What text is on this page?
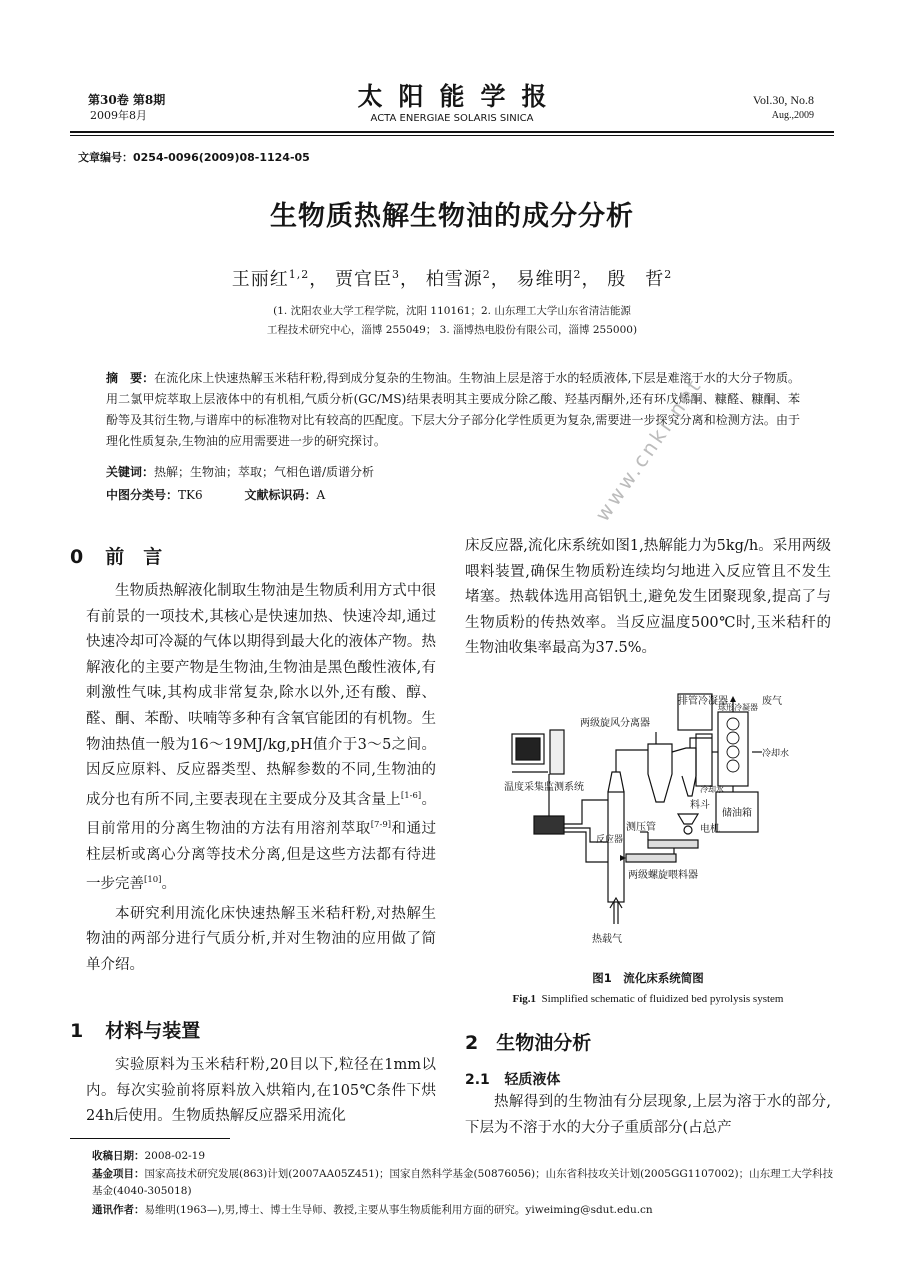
第30卷 第8期
2009年8月
太阳能学报
ACTA ENERGIAE SOLARIS SINICA
Vol.30, No.8
Aug.,2009
文章编号：0254-0096(2009)08-1124-05
生物质热解生物油的成分分析
王丽红$^{1,2}$， 贾官臣$^3$， 柏雪源$^2$， 易维明$^2$， 殷　哲$^2$
(1. 沈阳农业大学工程学院，沈阳 110161；2. 山东理工大学山东省清洁能源
工程技术研究中心，淄博 255049； 3. 淄博热电股份有限公司，淄博 255000)
摘　要：在流化床上快速热解玉米秸秆粉,得到成分复杂的生物油。生物油上层是溶于水的轻质液体,下层是难溶于水的大分子物质。用二氯甲烷萃取上层液体中的有机相,气质分析(GC/MS)结果表明其主要成分除乙酸、羟基丙酮外,还有环戊烯酮、糠醛、糠酮、苯酚等及其衍生物,与谱库中的标准物对比有较高的匹配度。下层大分子部分化学性质更为复杂,需要进一步探究分离和检测方法。由于理化性质复杂,生物油的应用需要进一步的研究探讨。
关键词：热解；生物油；萃取；气相色谱/质谱分析
中图分类号：TK6	文献标识码：A
0 前　言

生物质热解液化制取生物油是生物质利用方式中很有前景的一项技术,其核心是快速加热、快速冷却,通过快速冷却可冷凝的气体以期得到最大化的液体产物。热解液化的主要产物是生物油,生物油是黑色酸性液体,有刺激性气味,其构成非常复杂,除水以外,还有酸、醇、醛、酮、苯酚、呋喃等多种有含氧官能团的有机物。生物油热值一般为16～19MJ/kg,pH值介于3～5之间。因反应原料、反应器类型、热解参数的不同,生物油的成分也有所不同,主要表现在主要成分及其含量上[1-6]。目前常用的分离生物油的方法有用溶剂萃取[7-9]和通过柱层析或离心分离等技术分离,但是这些方法都有待进一步完善[10]。

本研究利用流化床快速热解玉米秸秆粉,对热解生物油的两部分进行气质分析,并对生物油的应用做了简单介绍。

1 材料与装置

实验原料为玉米秸秆粉,20目以下,粒径在1mm以内。每次实验前将原料放入烘箱内,在105℃条件下烘24h后使用。生物质热解反应器采用流化

床反应器,流化床系统如图1,热解能力为5kg/h。采用两级喂料装置,确保生物质粉连续均匀地进入反应管且不发生堵塞。热载体选用高铝钒土,避免发生团聚现象,提高了与生物质粉的传热效率。当反应温度500℃时,玉米秸秆的生物油收集率最高为37.5%。

排管冷凝器	废气
两级旋风分离器
冷却水
冷却水
球形冷凝器
温度采集监测系统
储油箱
料斗
测压管	电机
反应器
两级螺旋喂料器
热载气
图1　流化床系统简图
Fig.1 Simplified schematic of fluidized bed pyrolysis system
2 生物油分析
2.1 轻质液体

热解得到的生物油有分层现象,上层为溶于水的部分,下层为不溶于水的大分子重质部分(占总产

收稿日期：2008-02-19
基金项目：国家高技术研究发展(863)计划(2007AA05Z451)；国家自然科学基金(50876056)；山东省科技攻关计划(2005GG1107002)；山东理工大学科技基金(4040-305018)
通讯作者：易维明(1963—),男,博士、博士生导师、教授,主要从事生物质能利用方面的研究。yiweiming@sdut.edu.cn
www.cnki.net
